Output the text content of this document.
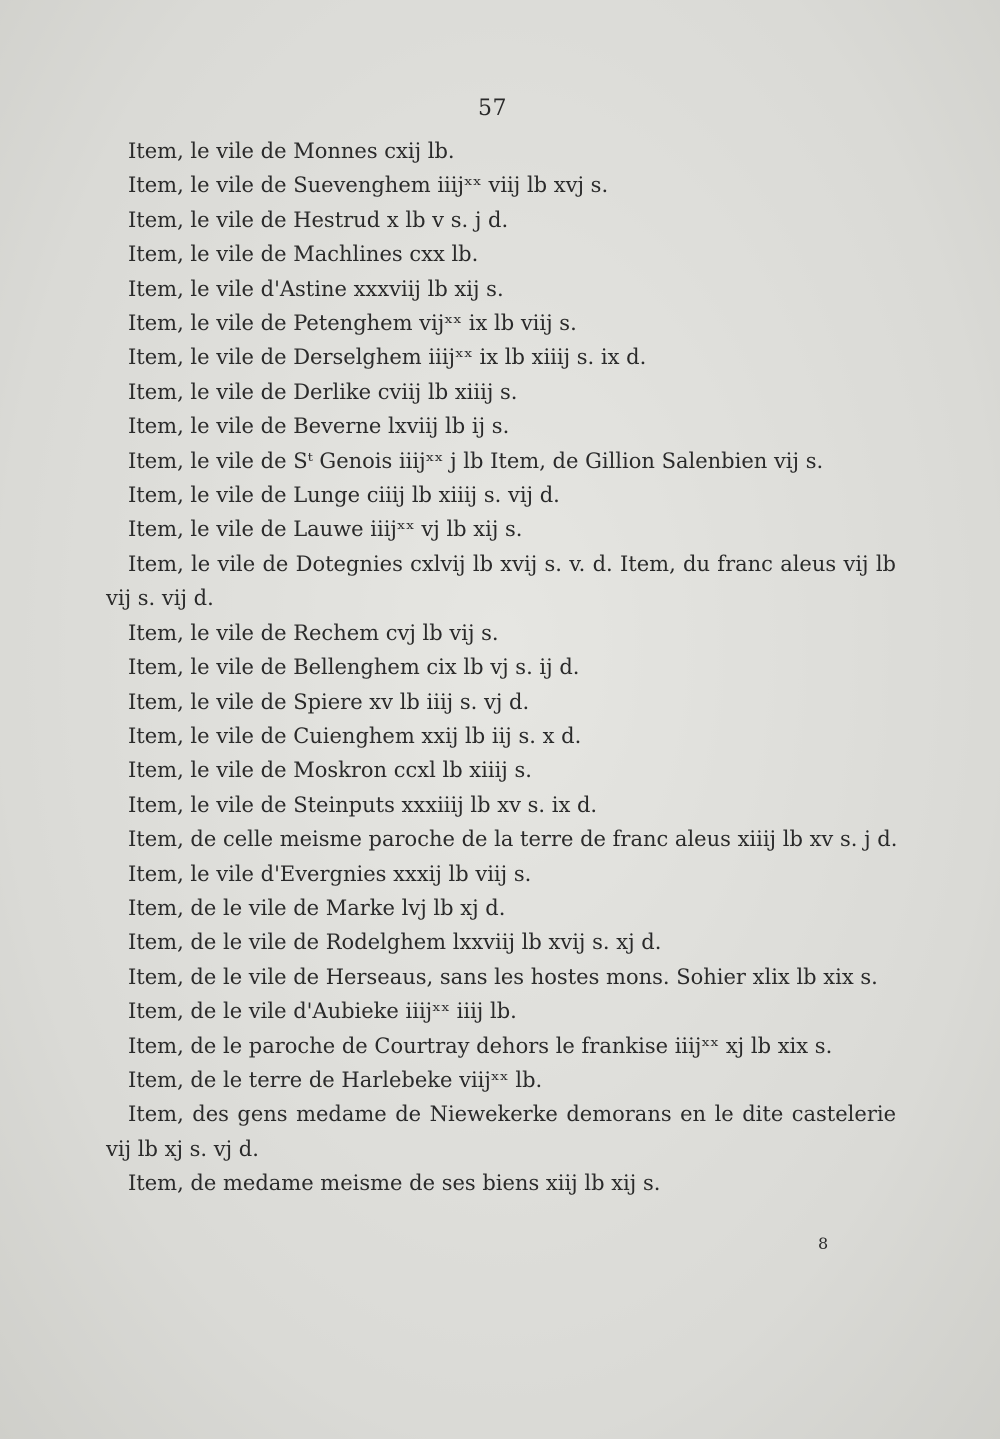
57
Item, le vile de Monnes cxij lb.
Item, le vile de Suevenghem iiijˣˣ viij lb xvj s.
Item, le vile de Hestrud x lb v s. j d.
Item, le vile de Machlines cxx lb.
Item, le vile d'Astine xxxviij lb xij s.
Item, le vile de Petenghem vijˣˣ ix lb viij s.
Item, le vile de Derselghem iiijˣˣ ix lb xiiij s. ix d.
Item, le vile de Derlike cviij lb xiiij s.
Item, le vile de Beverne lxviij lb ij s.
Item, le vile de Sᵗ Genois iiijˣˣ j lb Item, de Gillion Salenbien vij s.
Item, le vile de Lunge ciiij lb xiiij s. vij d.
Item, le vile de Lauwe iiijˣˣ vj lb xij s.
Item, le vile de Dotegnies cxlvij lb xvij s. v. d. Item, du franc aleus vij lb
vij s. vij d.
Item, le vile de Rechem cvj lb vij s.
Item, le vile de Bellenghem cix lb vj s. ij d.
Item, le vile de Spiere xv lb iiij s. vj d.
Item, le vile de Cuienghem xxij lb iij s. x d.
Item, le vile de Moskron ccxl lb xiiij s.
Item, le vile de Steinputs xxxiiij lb xv s. ix d.
Item, de celle meisme paroche de la terre de franc aleus xiiij lb xv s. j d.
Item, le vile d'Evergnies xxxij lb viij s.
Item, de le vile de Marke lvj lb xj d.
Item, de le vile de Rodelghem lxxviij lb xvij s. xj d.
Item, de le vile de Herseaus, sans les hostes mons. Sohier xlix lb xix s.
Item, de le vile d'Aubieke iiijˣˣ iiij lb.
Item, de le paroche de Courtray dehors le frankise iiijˣˣ xj lb xix s.
Item, de le terre de Harlebeke viijˣˣ lb.
Item, des gens medame de Niewekerke demorans en le dite castelerie
vij lb xj s. vj d.
Item, de medame meisme de ses biens xiij lb xij s.
8
